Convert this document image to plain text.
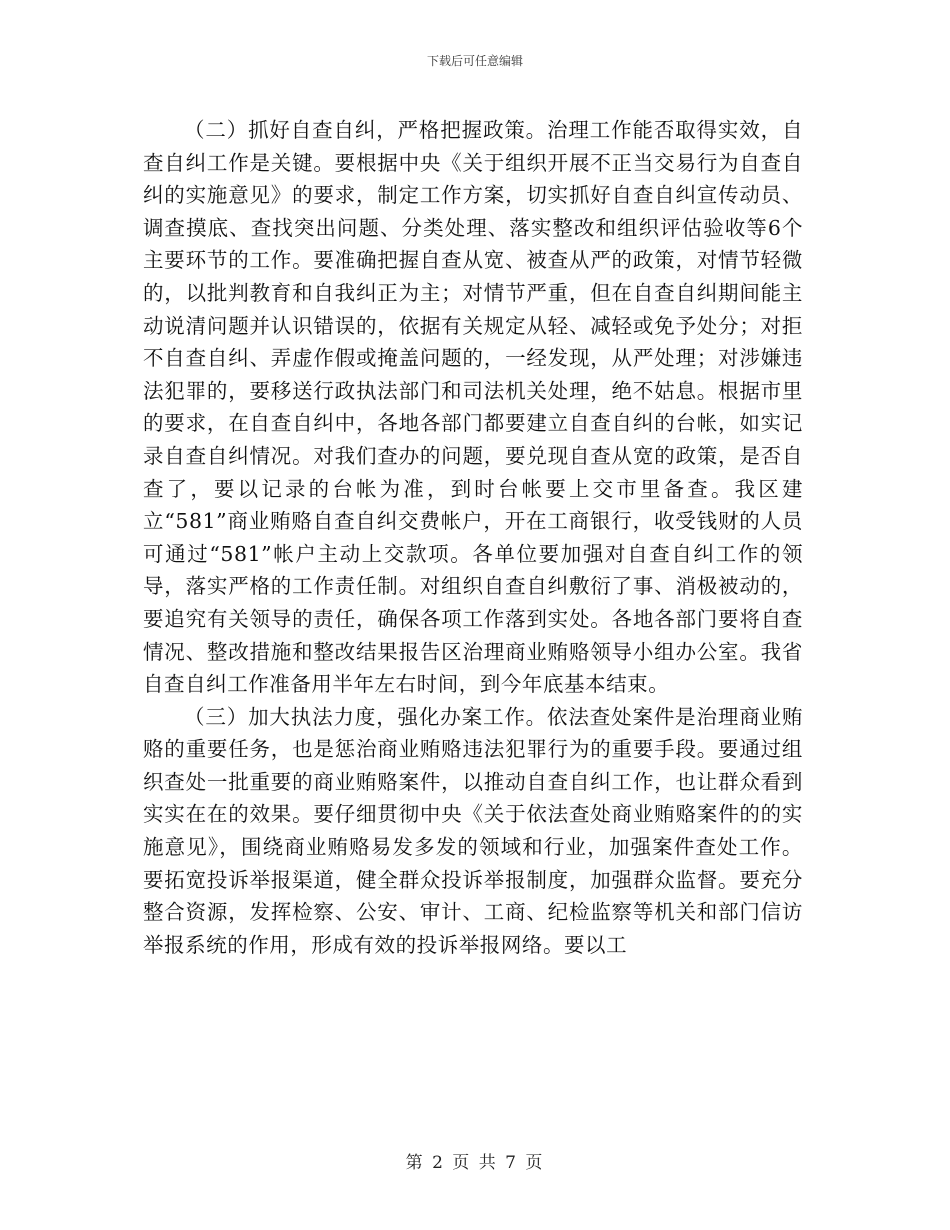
下载后可任意编辑

（二）抓好自查自纠，严格把握政策。治理工作能否取得实效，自查自纠工作是关键。要根据中央《关于组织开展不正当交易行为自查自纠的实施意见》的要求，制定工作方案，切实抓好自查自纠宣传动员、调查摸底、查找突出问题、分类处理、落实整改和组织评估验收等6个主要环节的工作。要准确把握自查从宽、被查从严的政策，对情节轻微的，以批判教育和自我纠正为主；对情节严重，但在自查自纠期间能主动说清问题并认识错误的，依据有关规定从轻、减轻或免予处分；对拒不自查自纠、弄虚作假或掩盖问题的，一经发现，从严处理；对涉嫌违法犯罪的，要移送行政执法部门和司法机关处理，绝不姑息。根据市里的要求，在自查自纠中，各地各部门都要建立自查自纠的台帐，如实记录自查自纠情况。对我们查办的问题，要兑现自查从宽的政策，是否自查了，要以记录的台帐为准，到时台帐要上交市里备查。我区建立“581”商业贿赂自查自纠交费帐户，开在工商银行，收受钱财的人员可通过“581”帐户主动上交款项。各单位要加强对自查自纠工作的领导，落实严格的工作责任制。对组织自查自纠敷衍了事、消极被动的，要追究有关领导的责任，确保各项工作落到实处。各地各部门要将自查情况、整改措施和整改结果报告区治理商业贿赂领导小组办公室。我省自查自纠工作准备用半年左右时间，到今年底基本结束。

（三）加大执法力度，强化办案工作。依法查处案件是治理商业贿赂的重要任务，也是惩治商业贿赂违法犯罪行为的重要手段。要通过组织查处一批重要的商业贿赂案件，以推动自查自纠工作，也让群众看到实实在在的效果。要仔细贯彻中央《关于依法查处商业贿赂案件的的实施意见》，围绕商业贿赂易发多发的领域和行业，加强案件查处工作。要拓宽投诉举报渠道，健全群众投诉举报制度，加强群众监督。要充分整合资源，发挥检察、公安、审计、工商、纪检监察等机关和部门信访举报系统的作用，形成有效的投诉举报网络。要以工

第 2 页 共 7 页
